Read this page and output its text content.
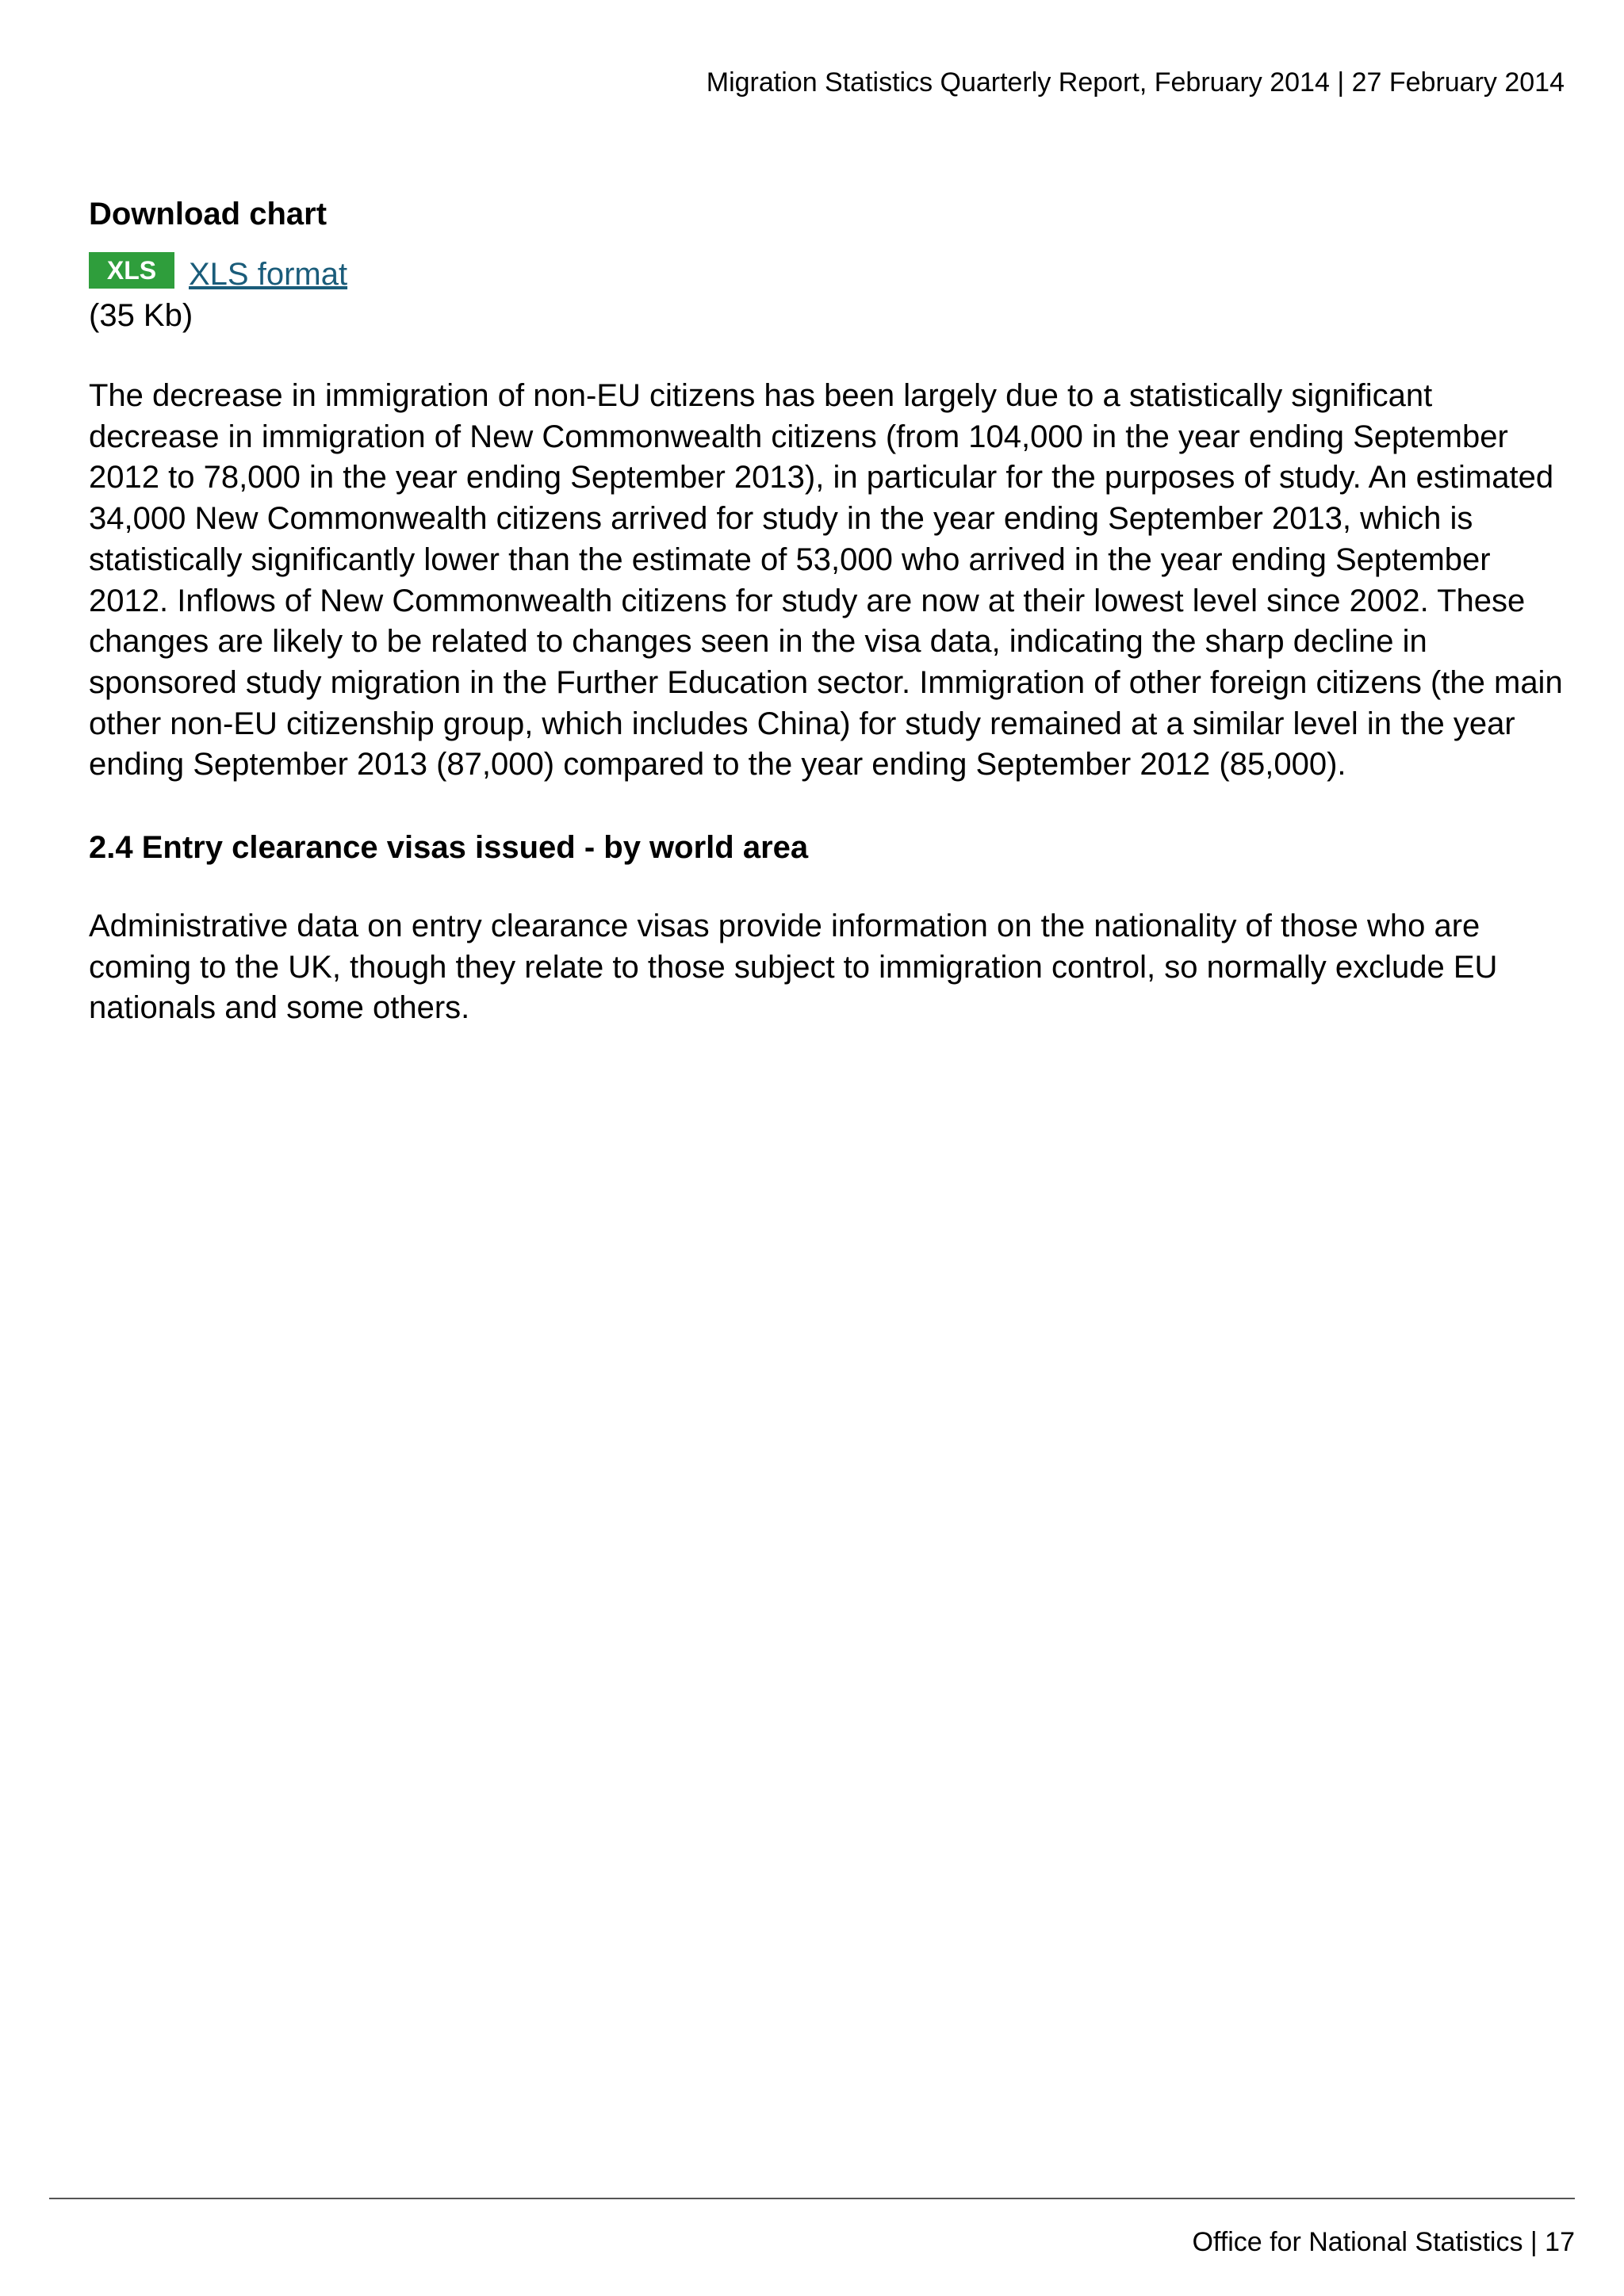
Migration Statistics Quarterly Report, February 2014 | 27 February 2014
Download chart
XLS	XLS format
(35 Kb)

The decrease in immigration of non-EU citizens has been largely due to a statistically significant decrease in immigration of New Commonwealth citizens (from 104,000 in the year ending September 2012 to 78,000 in the year ending September 2013), in particular for the purposes of study. An estimated 34,000 New Commonwealth citizens arrived for study in the year ending September 2013, which is statistically significantly lower than the estimate of 53,000 who arrived in the year ending September 2012. Inflows of New Commonwealth citizens for study are now at their lowest level since 2002. These changes are likely to be related to changes seen in the visa data, indicating the sharp decline in sponsored study migration in the Further Education sector. Immigration of other foreign citizens (the main other non-EU citizenship group, which includes China) for study remained at a similar level in the year ending September 2013 (87,000) compared to the year ending September 2012 (85,000).

2.4 Entry clearance visas issued - by world area

Administrative data on entry clearance visas provide information on the nationality of those who are coming to the UK, though they relate to those subject to immigration control, so normally exclude EU nationals and some others.

Office for National Statistics | 17
